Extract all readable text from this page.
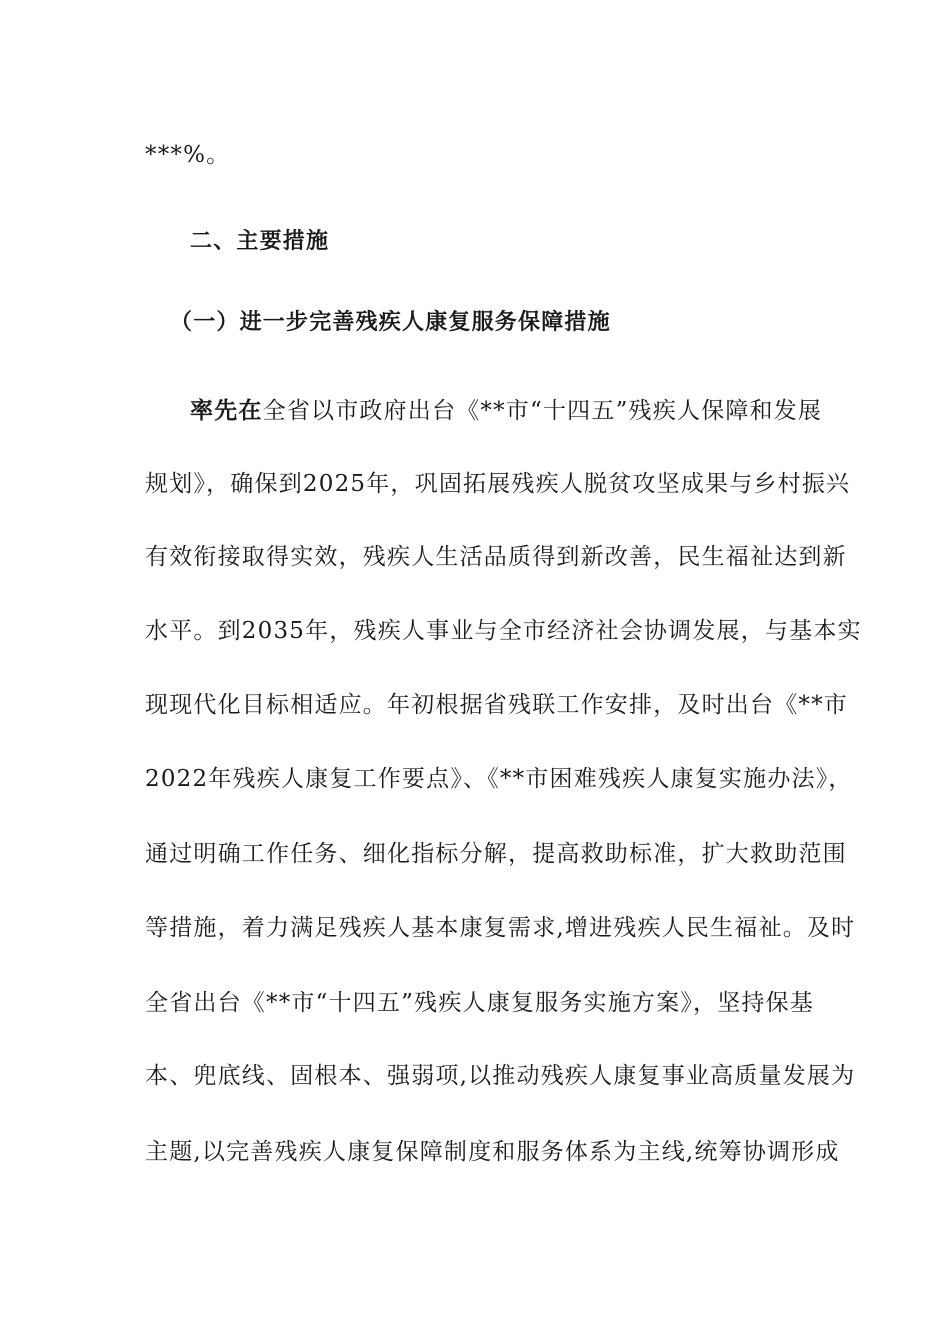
***%。
二、主要措施
（一）进一步完善残疾人康复服务保障措施
率先在全省以市政府出台《**市“十四五”残疾人保障和发展
规划》，确保到2025年，巩固拓展残疾人脱贫攻坚成果与乡村振兴
有效衔接取得实效，残疾人生活品质得到新改善，民生福祉达到新
水平。到2035年，残疾人事业与全市经济社会协调发展，与基本实
现现代化目标相适应。年初根据省残联工作安排，及时出台《**市
2022年残疾人康复工作要点》、《**市困难残疾人康复实施办法》，
通过明确工作任务、细化指标分解，提高救助标准，扩大救助范围
等措施，着力满足残疾人基本康复需求,增进残疾人民生福祉。及时
全省出台《**市“十四五”残疾人康复服务实施方案》，坚持保基
本、兜底线、固根本、强弱项,以推动残疾人康复事业高质量发展为
主题,以完善残疾人康复保障制度和服务体系为主线,统筹协调形成
